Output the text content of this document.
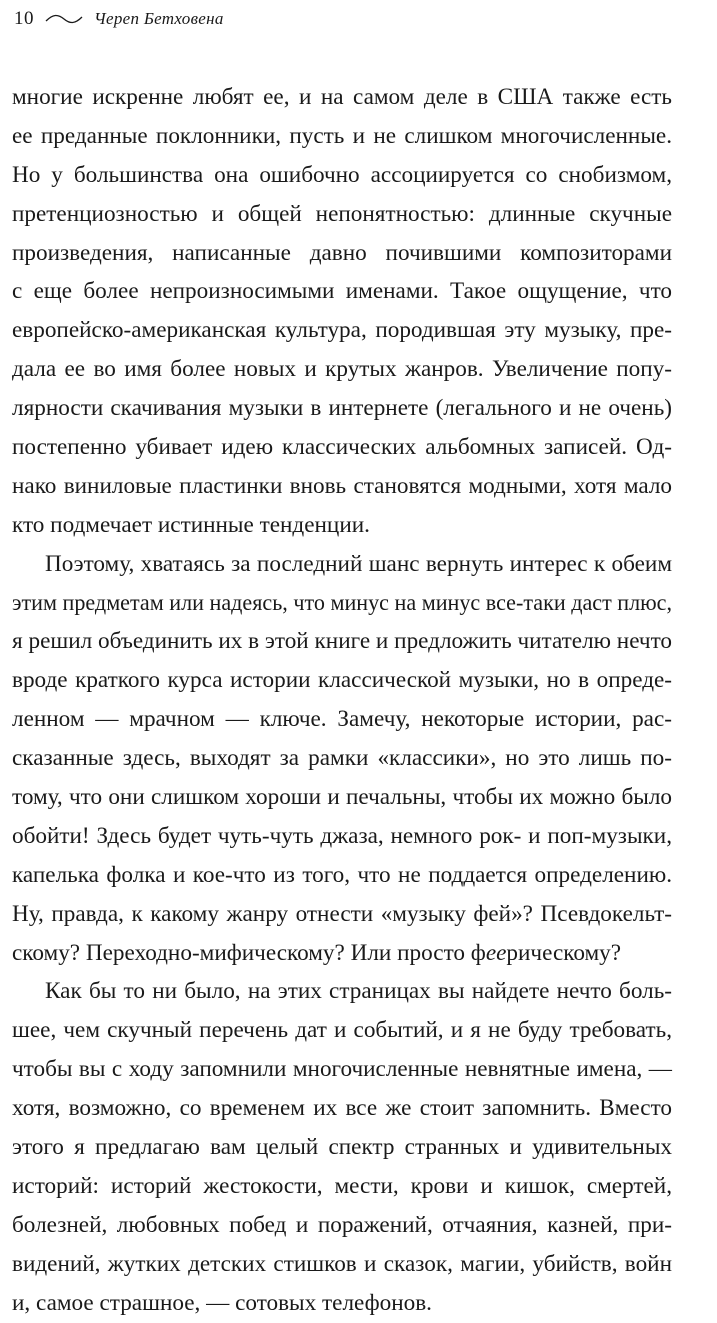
10	Череп Бетховена
многие искренне любят ее, и на самом деле в США также есть
ее преданные поклонники, пусть и не слишком многочисленные.
Но у большинства она ошибочно ассоциируется со снобизмом,
претенциозностью и общей непонятностью: длинные скучные
произведения, написанные давно почившими композиторами
с еще более непроизносимыми именами. Такое ощущение, что
европейско-американская культура, породившая эту музыку, пре-
дала ее во имя более новых и крутых жанров. Увеличение попу-
лярности скачивания музыки в интернете (легального и не очень)
постепенно убивает идею классических альбомных записей. Од-
нако виниловые пластинки вновь становятся модными, хотя мало
кто подмечает истинные тенденции.
Поэтому, хватаясь за последний шанс вернуть интерес к обеим
этим предметам или надеясь, что минус на минус все-таки даст плюс,
я решил объединить их в этой книге и предложить читателю нечто
вроде краткого курса истории классической музыки, но в опреде-
ленном — мрачном — ключе. Замечу, некоторые истории, рас-
сказанные здесь, выходят за рамки «классики», но это лишь по-
тому, что они слишком хороши и печальны, чтобы их можно было
обойти! Здесь будет чуть-чуть джаза, немного рок- и поп-музыки,
капелька фолка и кое-что из того, что не поддается определению.
Ну, правда, к какому жанру отнести «музыку фей»? Псевдокельт-
скому? Переходно-мифическому? Или просто феерическому?
Как бы то ни было, на этих страницах вы найдете нечто боль-
шее, чем скучный перечень дат и событий, и я не буду требовать,
чтобы вы с ходу запомнили многочисленные невнятные имена, —
хотя, возможно, со временем их все же стоит запомнить. Вместо
этого я предлагаю вам целый спектр странных и удивительных
историй: историй жестокости, мести, крови и кишок, смертей,
болезней, любовных побед и поражений, отчаяния, казней, при-
видений, жутких детских стишков и сказок, магии, убийств, войн
и, самое страшное, — сотовых телефонов.
